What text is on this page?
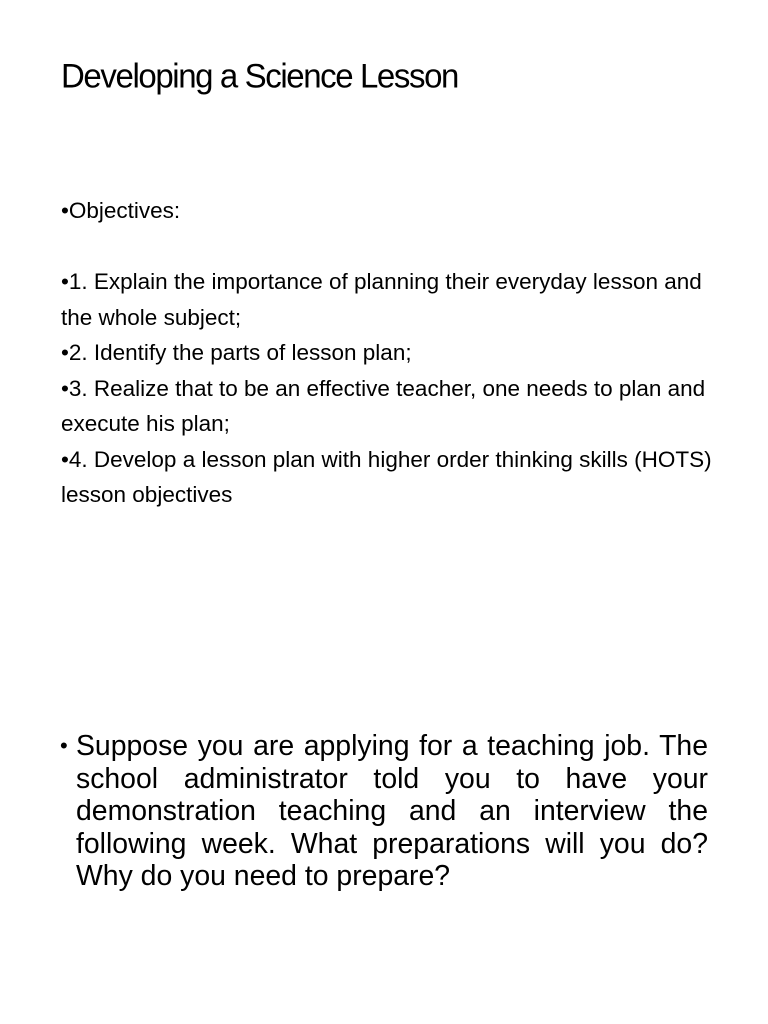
Developing a Science Lesson

•Objectives:

•1. Explain the importance of planning their everyday lesson and the whole subject;

•2. Identify the parts of lesson plan;

•3. Realize that to be an effective teacher, one needs to plan and execute his plan;

•4. Develop a lesson plan with higher order thinking skills (HOTS) lesson objectives

• Suppose you are applying for a teaching job. The school administrator told you to have your demonstration teaching and an interview the following week. What preparations will you do? Why do you need to prepare?
